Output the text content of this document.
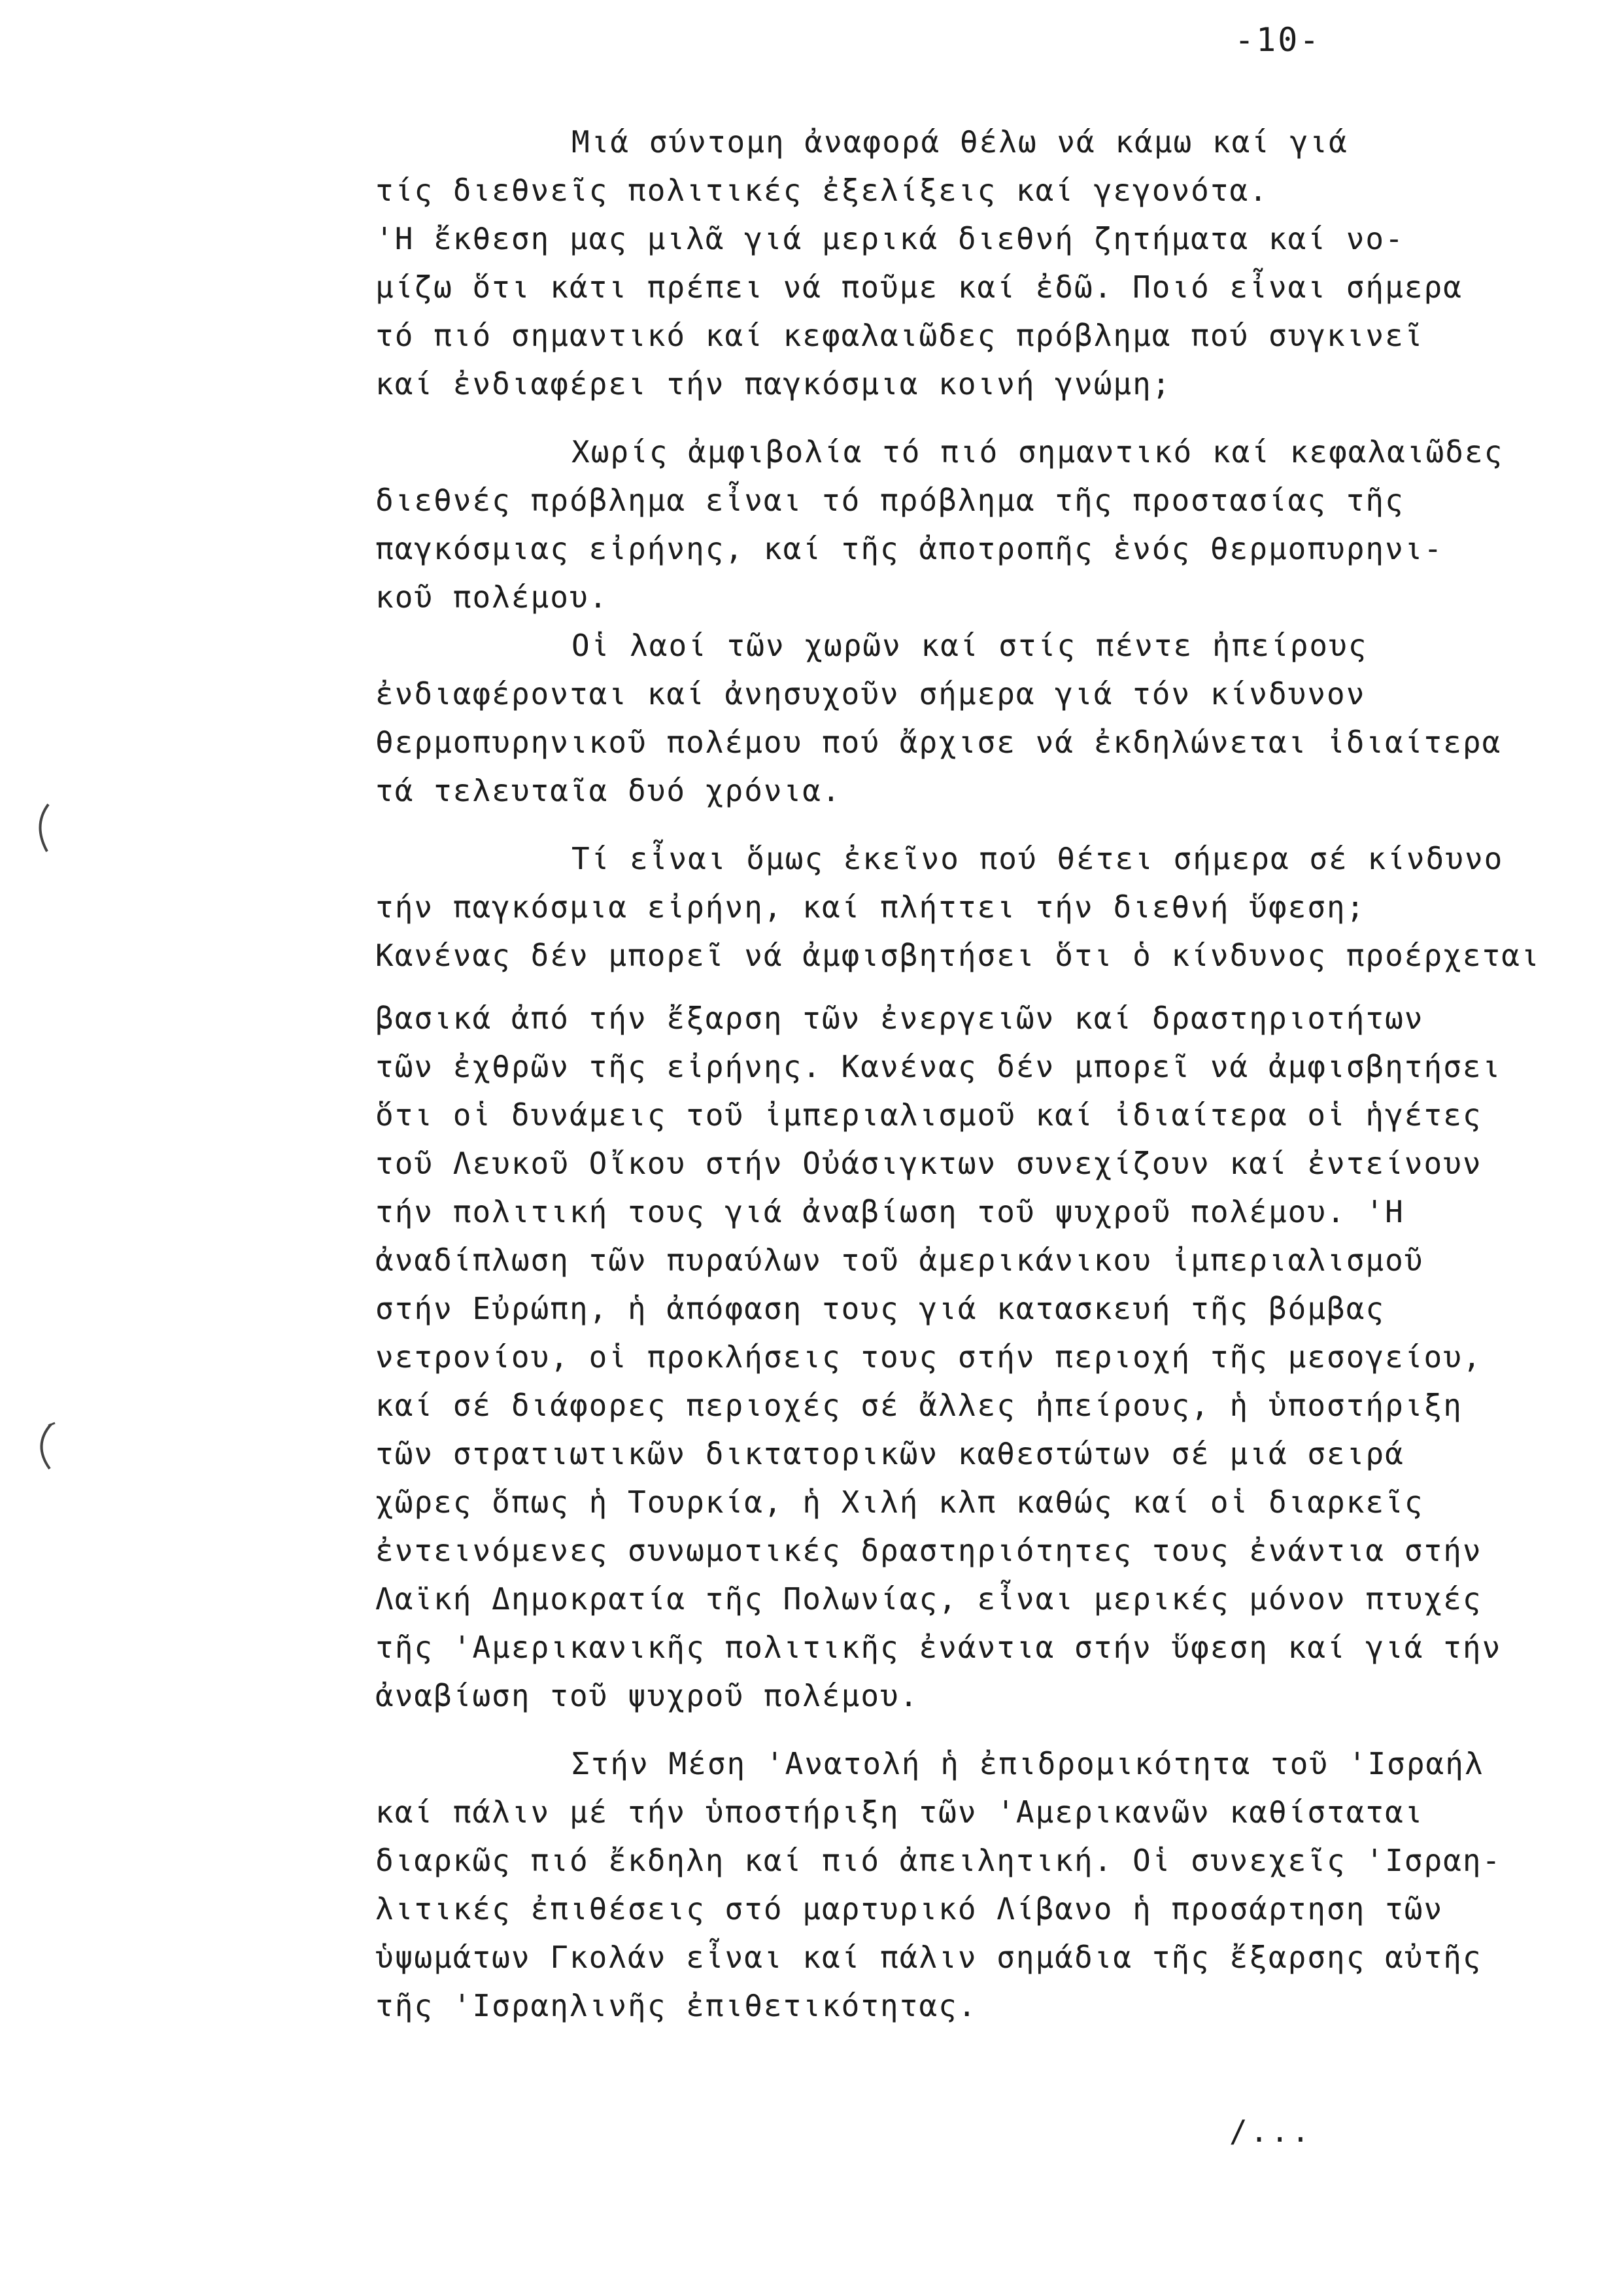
-10-
Μιά σύντομη ἀναφορά θέλω νά κάμω καί γιά
τίς διεθνεῖς πολιτικές ἐξελίξεις καί γεγονότα.
'Η ἔκθεση μας μιλᾶ γιά μερικά διεθνή ζητήματα καί νο-
μίζω ὅτι κάτι πρέπει νά ποῦμε καί ἐδῶ. Ποιό εἶναι σήμερα
τό πιό σημαντικό καί κεφαλαιῶδες πρόβλημα πού συγκινεῖ
καί ἐνδιαφέρει τήν παγκόσμια κοινή γνώμη;
Χωρίς ἀμφιβολία τό πιό σημαντικό καί κεφαλαιῶδες
διεθνές πρόβλημα εἶναι τό πρόβλημα τῆς προστασίας τῆς
παγκόσμιας εἰρήνης, καί τῆς ἀποτροπῆς ἑνός θερμοπυρηνι-
κοῦ πολέμου.
Οἱ λαοί τῶν χωρῶν καί στίς πέντε ἠπείρους
ἐνδιαφέρονται καί ἀνησυχοῦν σήμερα γιά τόν κίνδυνον
θερμοπυρηνικοῦ πολέμου πού ἄρχισε νά ἐκδηλώνεται ἰδιαίτερα
τά τελευταῖα δυό χρόνια.
Τί εἶναι ὅμως ἐκεῖνο πού θέτει σήμερα σέ κίνδυνο
τήν παγκόσμια εἰρήνη, καί πλήττει τήν διεθνή ὕφεση;
Κανένας δέν μπορεῖ νά ἀμφισβητήσει ὅτι ὁ κίνδυνος προέρχεται
βασικά ἀπό τήν ἔξαρση τῶν ἐνεργειῶν καί δραστηριοτήτων
τῶν ἐχθρῶν τῆς εἰρήνης. Κανένας δέν μπορεῖ νά ἀμφισβητήσει
ὅτι οἱ δυνάμεις τοῦ ἰμπεριαλισμοῦ καί ἰδιαίτερα οἱ ἡγέτες
τοῦ Λευκοῦ Οἴκου στήν Οὐάσιγκτων συνεχίζουν καί ἐντείνουν
τήν πολιτική τους γιά ἀναβίωση τοῦ ψυχροῦ πολέμου. 'Η
ἀναδίπλωση τῶν πυραύλων τοῦ ἀμερικάνικου ἰμπεριαλισμοῦ
στήν Εὐρώπη, ἡ ἀπόφαση τους γιά κατασκευή τῆς βόμβας
νετρονίου, οἱ προκλήσεις τους στήν περιοχή τῆς μεσογείου,
καί σέ διάφορες περιοχές σέ ἄλλες ἠπείρους, ἡ ὑποστήριξη
τῶν στρατιωτικῶν δικτατορικῶν καθεστώτων σέ μιά σειρά
χῶρες ὅπως ἡ Τουρκία, ἡ Χιλή κλπ καθώς καί οἱ διαρκεῖς
ἐντεινόμενες συνωμοτικές δραστηριότητες τους ἐνάντια στήν
Λαϊκή Δημοκρατία τῆς Πολωνίας, εἶναι μερικές μόνον πτυχές
τῆς 'Αμερικανικῆς πολιτικῆς ἐνάντια στήν ὕφεση καί γιά τήν
ἀναβίωση τοῦ ψυχροῦ πολέμου.
Στήν Μέση 'Ανατολή ἡ ἐπιδρομικότητα τοῦ 'Ισραήλ
καί πάλιν μέ τήν ὑποστήριξη τῶν 'Αμερικανῶν καθίσταται
διαρκῶς πιό ἔκδηλη καί πιό ἀπειλητική. Οἱ συνεχεῖς 'Ισραη-
λιτικές ἐπιθέσεις στό μαρτυρικό Λίβανο ἡ προσάρτηση τῶν
ὑψωμάτων Γκολάν εἶναι καί πάλιν σημάδια τῆς ἔξαρσης αὐτῆς
τῆς 'Ισραηλινῆς ἐπιθετικότητας.
/...
